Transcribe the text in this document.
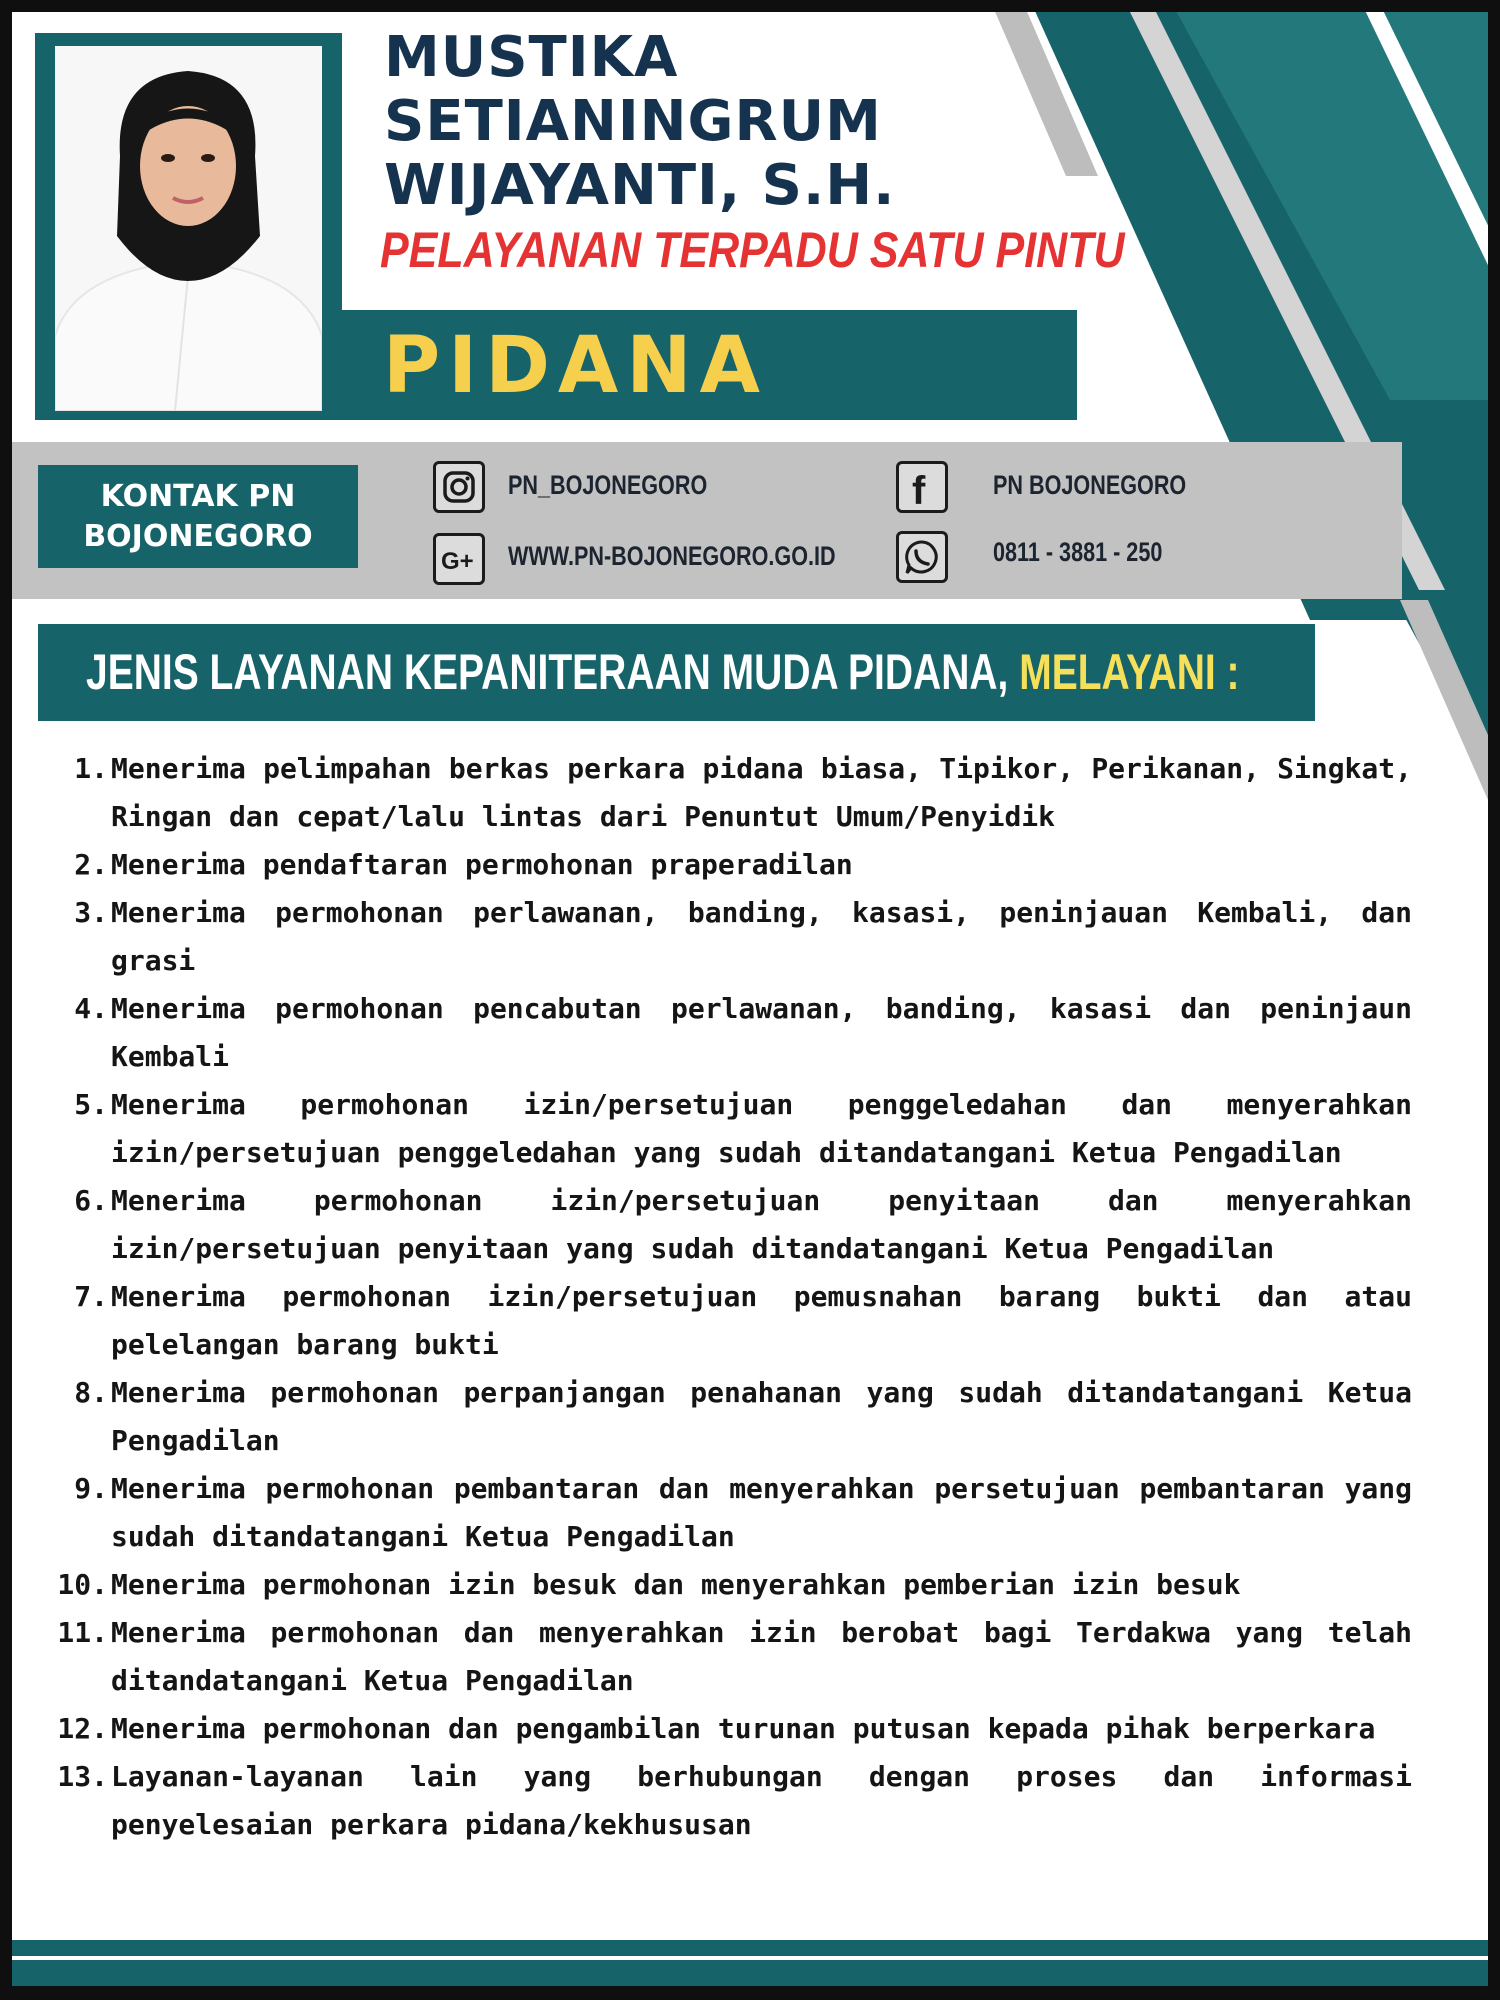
MUSTIKA
SETIANINGRUM
WIJAYANTI, S.H.
PELAYANAN TERPADU SATU PINTU
PIDANA
KONTAK PN
BOJONEGORO
PN_BOJONEGORO
G+ WWW.PN-BOJONEGORO.GO.ID
f	PN BOJONEGORO
0811 - 3881 - 250
JENIS LAYANAN KEPANITERAAN MUDA PIDANA, MELAYANI :
1. Menerima pelimpahan berkas perkara pidana biasa, Tipikor, Perikanan, Singkat, Ringan dan cepat/lalu lintas dari Penuntut Umum/Penyidik
2. Menerima pendaftaran permohonan praperadilan
3. Menerima permohonan perlawanan, banding, kasasi, peninjauan Kembali, dan grasi
4. Menerima permohonan pencabutan perlawanan, banding, kasasi dan peninjaun Kembali
5. Menerima permohonan izin/persetujuan penggeledahan dan menyerahkan izin/persetujuan penggeledahan yang sudah ditandatangani Ketua Pengadilan
6. Menerima permohonan izin/persetujuan penyitaan dan menyerahkan izin/persetujuan penyitaan yang sudah ditandatangani Ketua Pengadilan
7. Menerima permohonan izin/persetujuan pemusnahan barang bukti dan atau pelelangan barang bukti
8. Menerima permohonan perpanjangan penahanan yang sudah ditandatangani Ketua Pengadilan
9. Menerima permohonan pembantaran dan menyerahkan persetujuan pembantaran yang sudah ditandatangani Ketua Pengadilan
10. Menerima permohonan izin besuk dan menyerahkan pemberian izin besuk
11. Menerima permohonan dan menyerahkan izin berobat bagi Terdakwa yang telah ditandatangani Ketua Pengadilan
12. Menerima permohonan dan pengambilan turunan putusan kepada pihak berperkara
13. Layanan-layanan lain yang berhubungan dengan proses dan informasi penyelesaian perkara pidana/kekhususan
